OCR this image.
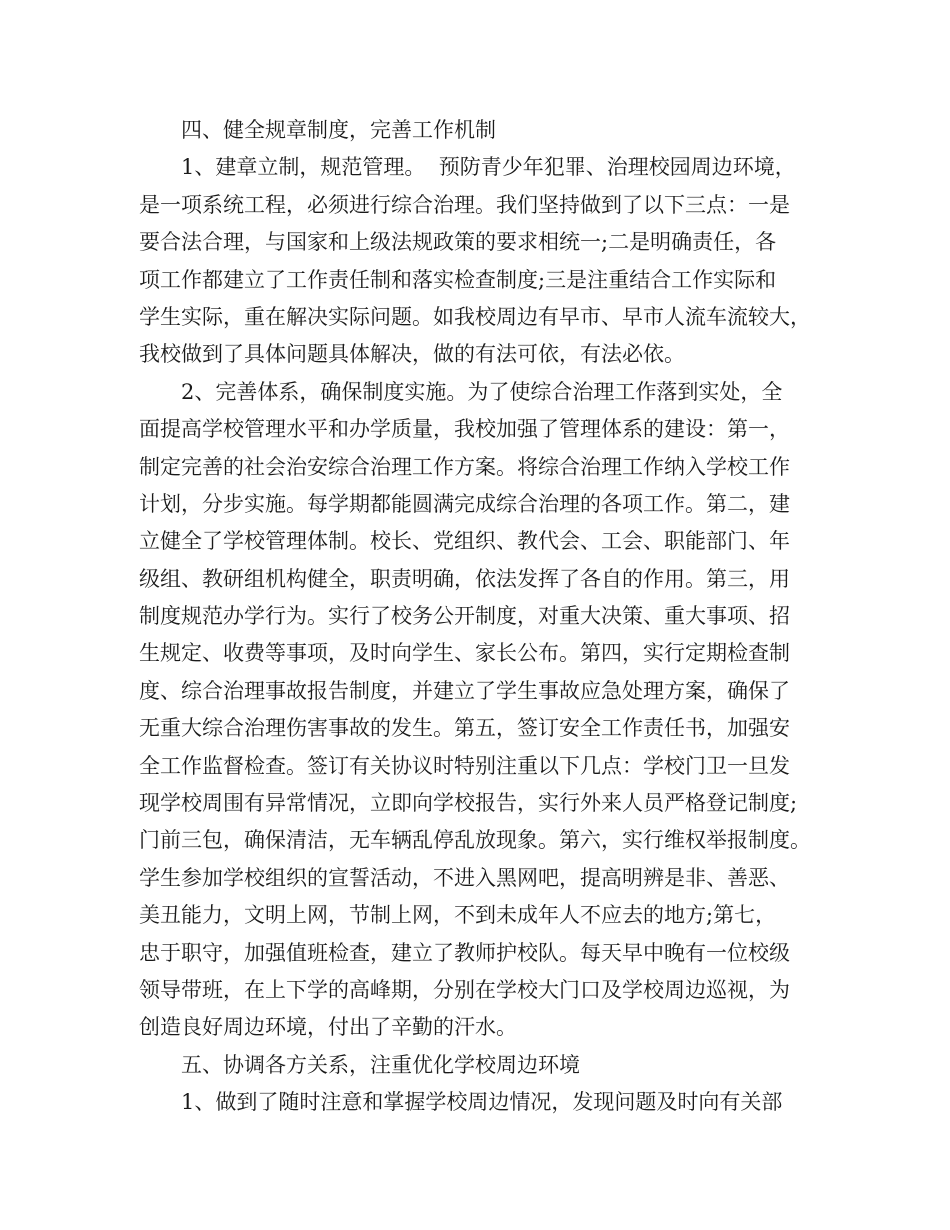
四、健全规章制度，完善工作机制
1、建章立制，规范管理。  预防青少年犯罪、治理校园周边环境，
是一项系统工程，必须进行综合治理。我们坚持做到了以下三点：一是
要合法合理，与国家和上级法规政策的要求相统一;二是明确责任，各
项工作都建立了工作责任制和落实检查制度;三是注重结合工作实际和
学生实际，重在解决实际问题。如我校周边有早市、早市人流车流较大，
我校做到了具体问题具体解决，做的有法可依，有法必依。
2、完善体系，确保制度实施。为了使综合治理工作落到实处，全
面提高学校管理水平和办学质量，我校加强了管理体系的建设：第一，
制定完善的社会治安综合治理工作方案。将综合治理工作纳入学校工作
计划，分步实施。每学期都能圆满完成综合治理的各项工作。第二，建
立健全了学校管理体制。校长、党组织、教代会、工会、职能部门、年
级组、教研组机构健全，职责明确，依法发挥了各自的作用。第三，用
制度规范办学行为。实行了校务公开制度，对重大决策、重大事项、招
生规定、收费等事项，及时向学生、家长公布。第四，实行定期检查制
度、综合治理事故报告制度，并建立了学生事故应急处理方案，确保了
无重大综合治理伤害事故的发生。第五，签订安全工作责任书，加强安
全工作监督检查。签订有关协议时特别注重以下几点：学校门卫一旦发
现学校周围有异常情况，立即向学校报告，实行外来人员严格登记制度;
门前三包，确保清洁，无车辆乱停乱放现象。第六，实行维权举报制度。
学生参加学校组织的宣誓活动，不进入黑网吧，提高明辨是非、善恶、
美丑能力，文明上网，节制上网，不到未成年人不应去的地方;第七，
忠于职守，加强值班检查，建立了教师护校队。每天早中晚有一位校级
领导带班，在上下学的高峰期，分别在学校大门口及学校周边巡视，为
创造良好周边环境，付出了辛勤的汗水。
五、协调各方关系，注重优化学校周边环境
1、做到了随时注意和掌握学校周边情况，发现问题及时向有关部
